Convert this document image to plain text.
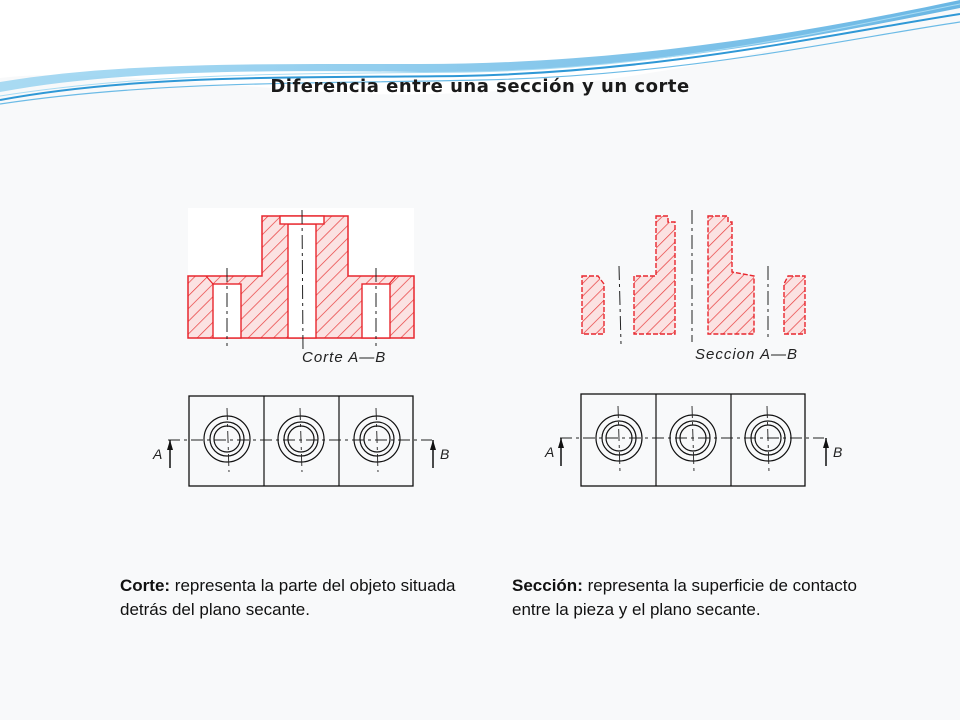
Diferencia entre una sección y un corte
Corte A—B
A	B
Seccion A—B
A	B
Corte: representa la parte del objeto situada detrás del plano secante.
Sección: representa la superficie de contacto entre la pieza y el plano secante.
